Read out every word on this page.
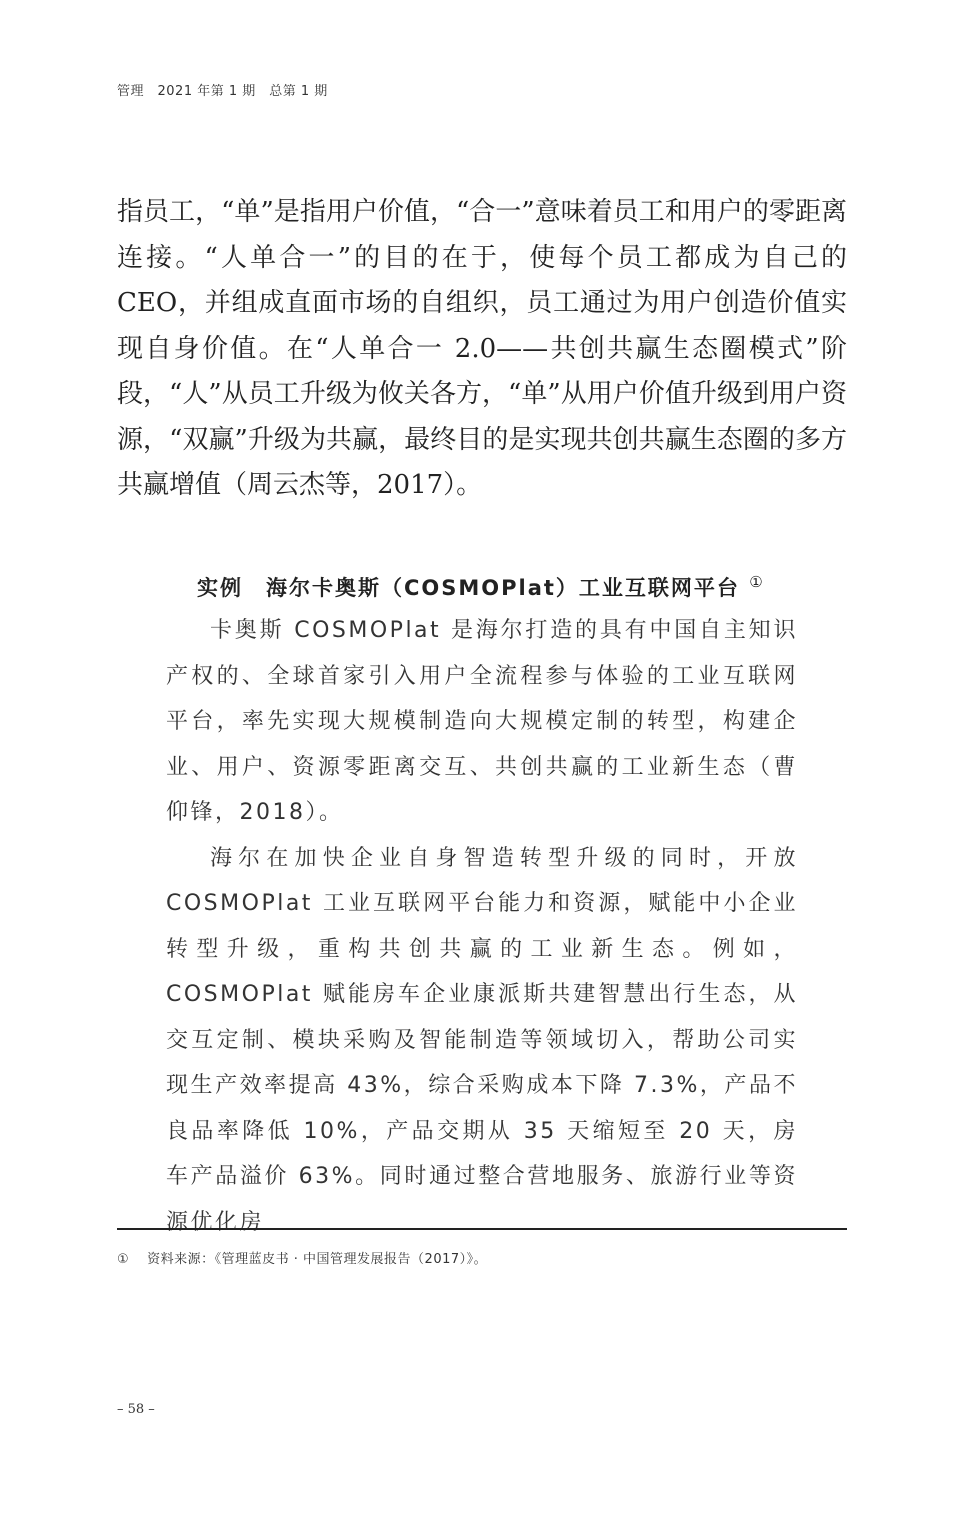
管理　2021 年第 1 期　总第 1 期

指员工，“单”是指用户价值，“合一”意味着员工和用户的零距离连接。“人单合一”的目的在于，使每个员工都成为自己的 CEO，并组成直面市场的自组织，员工通过为用户创造价值实现自身价值。在“人单合一 2.0——共创共赢生态圈模式”阶段，“人”从员工升级为攸关各方，“单”从用户价值升级到用户资源，“双赢”升级为共赢，最终目的是实现共创共赢生态圈的多方共赢增值（周云杰等，2017）。

实例　海尔卡奥斯（COSMOPlat）工业互联网平台 ①

卡奥斯 COSMOPlat 是海尔打造的具有中国自主知识产权的、全球首家引入用户全流程参与体验的工业互联网平台，率先实现大规模制造向大规模定制的转型，构建企业、用户、资源零距离交互、共创共赢的工业新生态（曹仰锋，2018）。

海尔在加快企业自身智造转型升级的同时，开放 COSMOPlat 工业互联网平台能力和资源，赋能中小企业转型升级，重构共创共赢的工业新生态。例如，COSMOPlat 赋能房车企业康派斯共建智慧出行生态，从交互定制、模块采购及智能制造等领域切入，帮助公司实现生产效率提高 43%，综合采购成本下降 7.3%，产品不良品率降低 10%，产品交期从 35 天缩短至 20 天，房车产品溢价 63%。同时通过整合营地服务、旅游行业等资源优化房

① 资料来源：《管理蓝皮书 · 中国管理发展报告（2017）》。
– 58 –
